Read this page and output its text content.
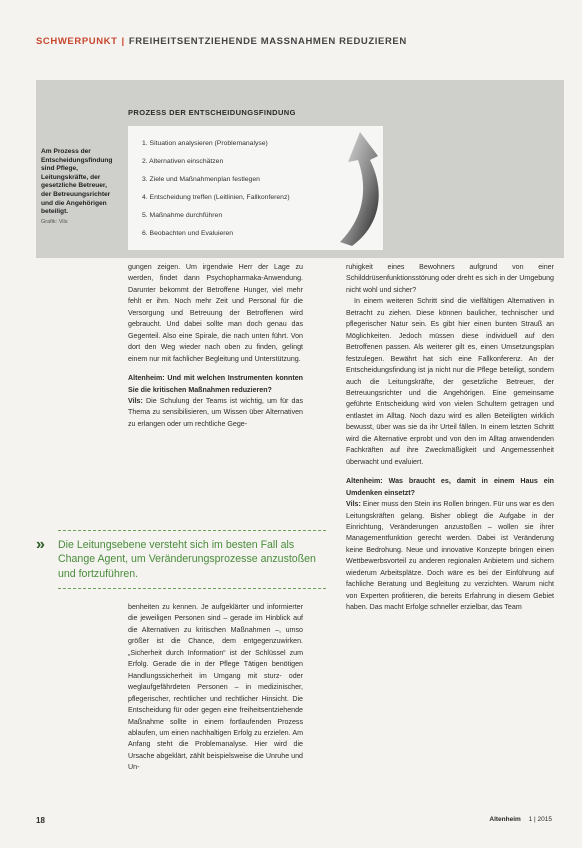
SCHWERPUNKT | FREIHEITSENTZIEHENDE MASSNAHMEN REDUZIEREN
Am Prozess der Entscheidungsfindung sind Pflege, Leitungskräfte, der gesetzliche Betreuer, der Betreuungsrichter und die Angehörigen beteiligt.
Grafik: Vils
PROZESS DER ENTSCHEIDUNGSFINDUNG
1. Situation analysieren (Problemanalyse)
2. Alternativen einschätzen
3. Ziele und Maßnahmenplan festlegen
4. Entscheidung treffen (Leitlinien, Fallkonferenz)
5. Maßnahme durchführen
6. Beobachten und Evaluieren

gungen zeigen. Um irgendwie Herr der Lage zu werden, findet dann Psychopharmaka-Anwendung. Darunter bekommt der Betroffene Hunger, viel mehr fehlt er ihm. Noch mehr Zeit und Personal für die Versorgung und Betreuung der Betroffenen wird gebraucht. Und dabei sollte man doch genau das Gegenteil. Also eine Spirale, die nach unten führt. Von dort den Weg wieder nach oben zu finden, gelingt einem nur mit fachlicher Begleitung und Unterstützung.

Altenheim: Und mit welchen Instrumenten konnten Sie die kritischen Maßnahmen reduzieren?

Vils: Die Schulung der Teams ist wichtig, um für das Thema zu sensibilisieren, um Wissen über Alternativen zu erlangen oder um rechtliche Gege-

»	Die Leitungsebene versteht sich im besten Fall als Change Agent, um Veränderungsprozesse anzustoßen und fortzuführen.

benheiten zu kennen. Je aufgeklärter und informierter die jeweiligen Personen sind – gerade im Hinblick auf die Alternativen zu kritischen Maßnahmen –, umso größer ist die Chance, dem entgegenzuwirken. „Sicherheit durch Information“ ist der Schlüssel zum Erfolg. Gerade die in der Pflege Tätigen benötigen Handlungssicherheit im Umgang mit sturz- oder weglaufgefährdeten Personen – in medizinischer, pflegerischer, rechtlicher und rechtlicher Hinsicht. Die Entscheidung für oder gegen eine freiheitsentziehende Maßnahme sollte in einem fortlaufenden Prozess ablaufen, um einen nachhaltigen Erfolg zu erzielen. Am Anfang steht die Problemanalyse. Hier wird die Ursache abgeklärt, zählt beispielsweise die Unruhe und Un-

ruhigkeit eines Bewohners aufgrund von einer Schilddrüsenfunktionsstörung oder dreht es sich in der Umgebung nicht wohl und sicher?

In einem weiteren Schritt sind die vielfältigen Alternativen in Betracht zu ziehen. Diese können baulicher, technischer und pflegerischer Natur sein. Es gibt hier einen bunten Strauß an Möglichkeiten. Jedoch müssen diese individuell auf den Betroffenen passen. Als weiterer gilt es, einen Umsetzungsplan festzulegen. Bewährt hat sich eine Fallkonferenz. An der Entscheidungsfindung ist ja nicht nur die Pflege beteiligt, sondern auch die Leitungskräfte, der gesetzliche Betreuer, der Betreuungsrichter und die Angehörigen. Eine gemeinsame geführte Entscheidung wird von vielen Schultern getragen und entlastet im Alltag. Noch dazu wird es allen Beteiligten wirklich bewusst, über was sie da ihr Urteil fällen. In einem letzten Schritt wird die Alternative erprobt und von den im Alltag anwendenden Fachkräften auf ihre Zweckmäßigkeit und Angemessenheit überwacht und evaluiert.

Altenheim: Was braucht es, damit in einem Haus ein Umdenken einsetzt?

Vils: Einer muss den Stein ins Rollen bringen. Für uns war es den Leitungskräften gelang. Bisher obliegt die Aufgabe in der Einrichtung, Veränderungen anzustoßen – wollen sie ihrer Managementfunktion gerecht werden. Dabei ist Veränderung keine Bedrohung. Neue und innovative Konzepte bringen einen Wettbewerbsvorteil zu anderen regionalen Anbietern und sichern wiederum Arbeitsplätze. Doch wäre es bei der Einführung auf fachliche Beratung und Begleitung zu verzichten. Warum nicht von Experten profitieren, die bereits Erfahrung in diesem Gebiet haben. Das macht Erfolge schneller erzielbar, das Team

18	Altenheim 1 | 2015
